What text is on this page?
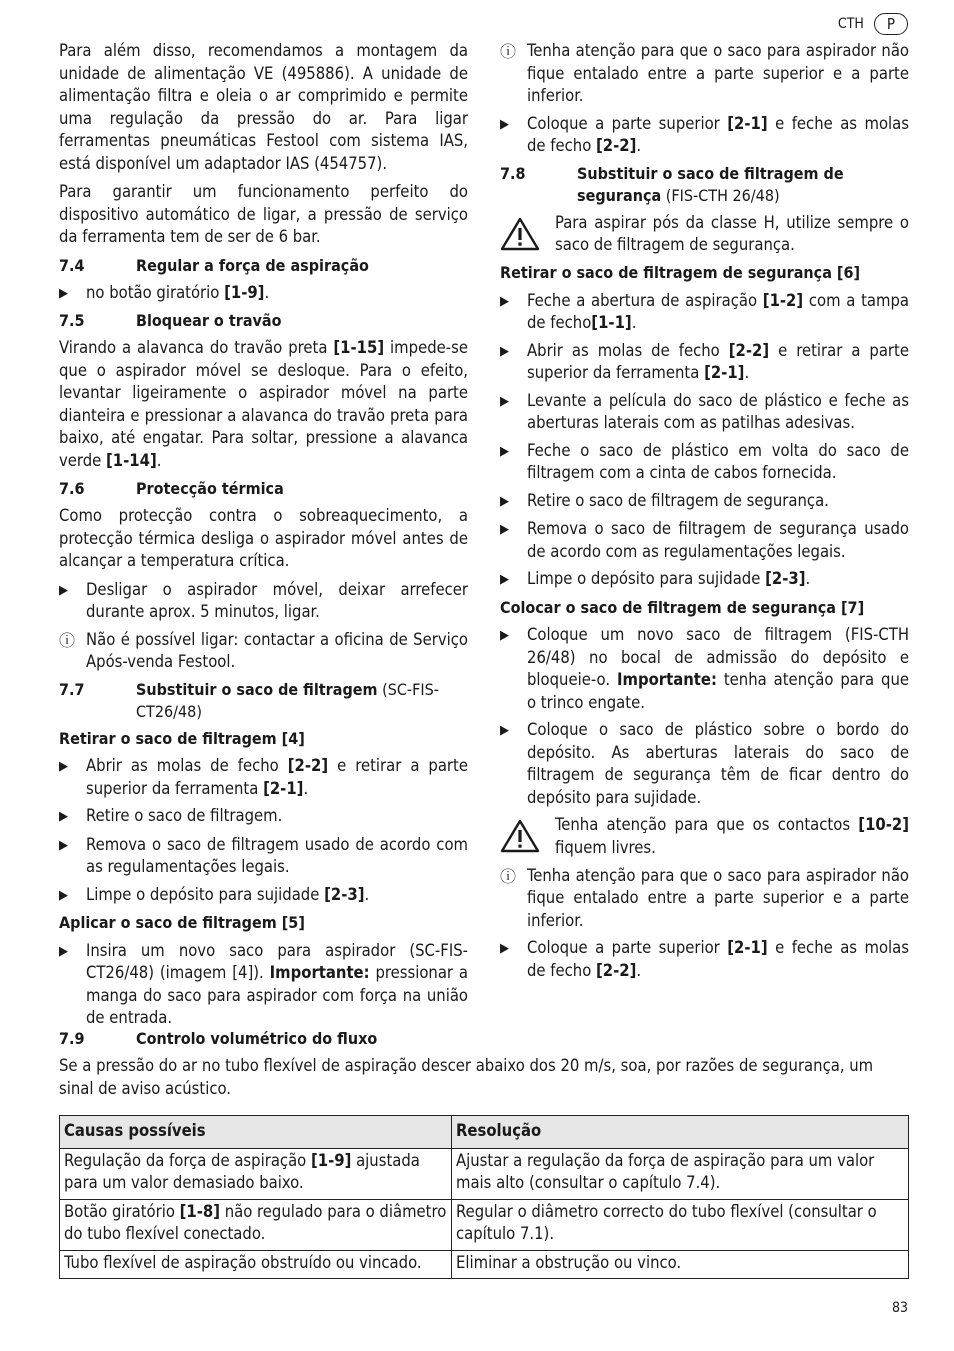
CTH	P

Para além disso, recomendamos a montagem da unidade de alimentação VE (495886). A unidade de alimentação filtra e oleia o ar comprimido e permite uma regulação da pressão do ar. Para ligar ferramentas pneumáticas Festool com sistema IAS, está disponível um adaptador IAS (454757).

Para garantir um funcionamento perfeito do dispositivo automático de ligar, a pressão de serviço da ferramenta tem de ser de 6 bar.

7.4	Regular a força de aspiração
▶	no botão giratório [1-9].
7.5	Bloquear o travão

Virando a alavanca do travão preta [1-15] impede-se que o aspirador móvel se desloque. Para o efeito, levantar ligeiramente o aspirador móvel na parte dianteira e pressionar a alavanca do travão preta para baixo, até engatar. Para soltar, pressione a alavanca verde [1-14].

7.6	Protecção térmica

Como protecção contra o sobreaquecimento, a protecção térmica desliga o aspirador móvel antes de alcançar a temperatura crítica.

▶	Desligar o aspirador móvel, deixar arrefecer durante aprox. 5 minutos, ligar.
ⓘ Não é possível ligar: contactar a oficina de Serviço Após-venda Festool.
7.7	Substituir o saco de filtragem (SC-FIS-CT26/48)
Retirar o saco de filtragem [4]
▶	Abrir as molas de fecho [2-2] e retirar a parte superior da ferramenta [2-1].
▶	Retire o saco de filtragem.
▶	Remova o saco de filtragem usado de acordo com as regulamentações legais.
▶	Limpe o depósito para sujidade [2-3].
Aplicar o saco de filtragem [5]
▶	Insira um novo saco para aspirador (SC-FIS-CT26/48) (imagem [4]). Importante: pressionar a manga do saco para aspirador com força na união de entrada.
ⓘ Tenha atenção para que o saco para aspirador não fique entalado entre a parte superior e a parte inferior.
▶	Coloque a parte superior [2-1] e feche as molas de fecho [2-2].
7.8	Substituir o saco de filtragem de segurança (FIS-CTH 26/48)
Para aspirar pós da classe H, utilize sempre o saco de filtragem de segurança.
Retirar o saco de filtragem de segurança [6]
▶	Feche a abertura de aspiração [1-2] com a tampa de fecho[1-1].
▶	Abrir as molas de fecho [2-2] e retirar a parte superior da ferramenta [2-1].
▶	Levante a película do saco de plástico e feche as aberturas laterais com as patilhas adesivas.
▶	Feche o saco de plástico em volta do saco de filtragem com a cinta de cabos fornecida.
▶	Retire o saco de filtragem de segurança.
▶	Remova o saco de filtragem de segurança usado de acordo com as regulamentações legais.
▶	Limpe o depósito para sujidade [2-3].
Colocar o saco de filtragem de segurança [7]
▶	Coloque um novo saco de filtragem (FIS-CTH 26/48) no bocal de admissão do depósito e bloqueie-o. Importante: tenha atenção para que o trinco engate.
▶	Coloque o saco de plástico sobre o bordo do depósito. As aberturas laterais do saco de filtragem de segurança têm de ficar dentro do depósito para sujidade.
Tenha atenção para que os contactos [10-2] fiquem livres.
ⓘ Tenha atenção para que o saco para aspirador não fique entalado entre a parte superior e a parte inferior.
▶	Coloque a parte superior [2-1] e feche as molas de fecho [2-2].
7.9	Controlo volumétrico do fluxo

Se a pressão do ar no tubo flexível de aspiração descer abaixo dos 20 m/s, soa, por razões de segurança, um sinal de aviso acústico.

Causas possíveis	Resolução
Regulação da força de aspiração [1-9] ajustada para um valor demasiado baixo.	Ajustar a regulação da força de aspiração para um valor mais alto (consultar o capítulo 7.4).
Botão giratório [1-8] não regulado para o diâmetro do tubo flexível conectado.	Regular o diâmetro correcto do tubo flexível (consultar o capítulo 7.1).
Tubo flexível de aspiração obstruído ou vincado.	Eliminar a obstrução ou vinco.
83
